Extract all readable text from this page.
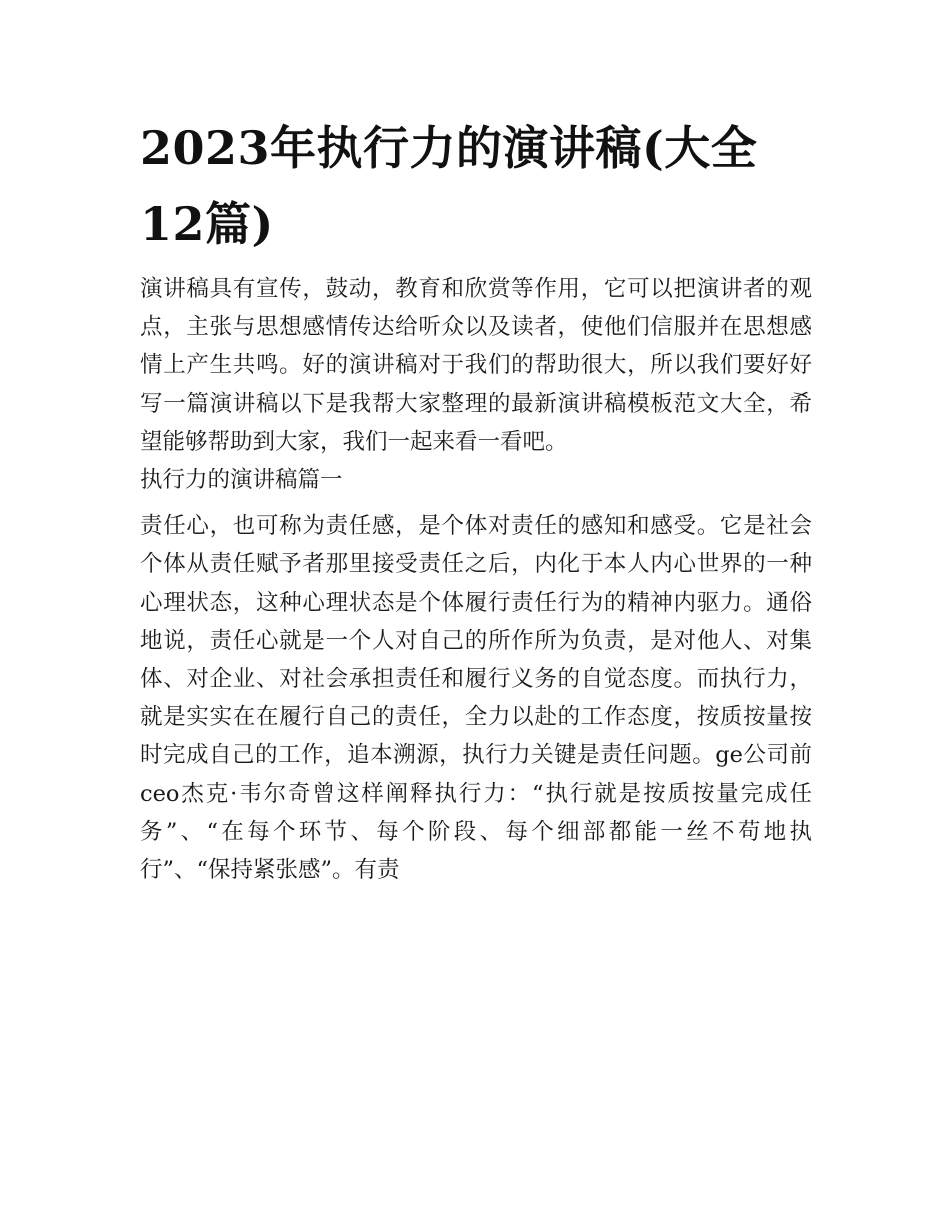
2023年执行力的演讲稿(大全12篇)

演讲稿具有宣传，鼓动，教育和欣赏等作用，它可以把演讲者的观点，主张与思想感情传达给听众以及读者，使他们信服并在思想感情上产生共鸣。好的演讲稿对于我们的帮助很大，所以我们要好好写一篇演讲稿以下是我帮大家整理的最新演讲稿模板范文大全，希望能够帮助到大家，我们一起来看一看吧。

执行力的演讲稿篇一

责任心，也可称为责任感，是个体对责任的感知和感受。它是社会个体从责任赋予者那里接受责任之后，内化于本人内心世界的一种心理状态，这种心理状态是个体履行责任行为的精神内驱力。通俗地说，责任心就是一个人对自己的所作所为负责，是对他人、对集体、对企业、对社会承担责任和履行义务的自觉态度。而执行力，就是实实在在履行自己的责任，全力以赴的工作态度，按质按量按时完成自己的工作，追本溯源，执行力关键是责任问题。ge公司前ceo杰克·韦尔奇曾这样阐释执行力：“执行就是按质按量完成任务”、“在每个环节、每个阶段、每个细部都能一丝不苟地执行”、“保持紧张感”。有责
